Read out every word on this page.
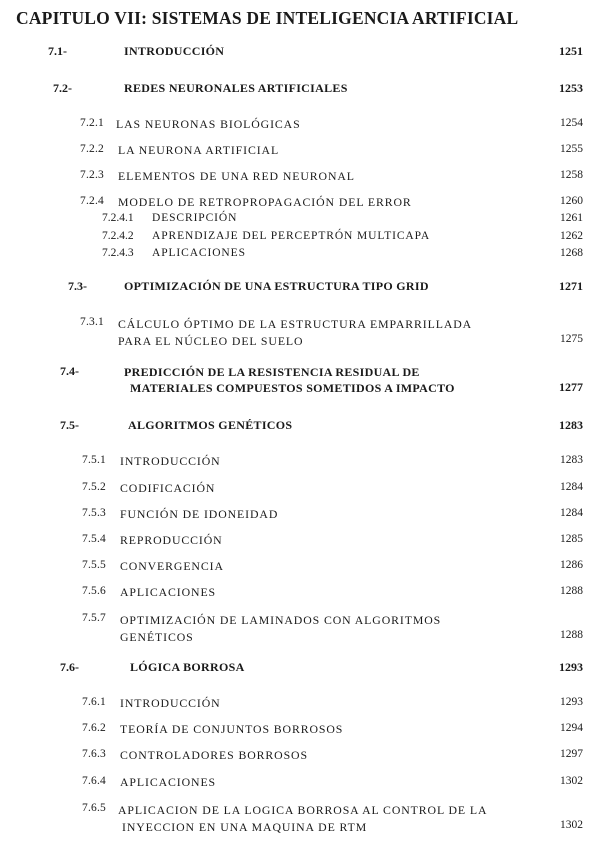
CAPITULO VII: SISTEMAS DE INTELIGENCIA ARTIFICIAL
7.1-	INTRODUCCIÓN	1251
7.2-	REDES NEURONALES ARTIFICIALES	1253
7.2.1 LAS NEURONAS BIOLÓGICAS	1254
7.2.2 LA NEURONA ARTIFICIAL	1255
7.2.3 ELEMENTOS DE UNA RED NEURONAL	1258
7.2.4 MODELO DE RETROPROPAGACIÓN DEL ERROR	1260
7.2.4.1 DESCRIPCIÓN	1261
7.2.4.2 APRENDIZAJE DEL PERCEPTRÓN MULTICAPA	1262
7.2.4.3 APLICACIONES	1268
7.3-	OPTIMIZACIÓN DE UNA ESTRUCTURA TIPO GRID	1271
7.3.1 CÁLCULO ÓPTIMO DE LA ESTRUCTURA EMPARRILLADA
PARA EL NÚCLEO DEL SUELO	1275
7.4-	PREDICCIÓN DE LA RESISTENCIA RESIDUAL DE
MATERIALES COMPUESTOS SOMETIDOS A IMPACTO	1277
7.5-	ALGORITMOS GENÉTICOS	1283
7.5.1 INTRODUCCIÓN	1283
7.5.2 CODIFICACIÓN	1284
7.5.3 FUNCIÓN DE IDONEIDAD	1284
7.5.4 REPRODUCCIÓN	1285
7.5.5 CONVERGENCIA	1286
7.5.6 APLICACIONES	1288
7.5.7 OPTIMIZACIÓN DE LAMINADOS CON ALGORITMOS
GENÉTICOS	1288
7.6-	LÓGICA BORROSA	1293
7.6.1 INTRODUCCIÓN	1293
7.6.2 TEORÍA DE CONJUNTOS BORROSOS	1294
7.6.3 CONTROLADORES BORROSOS	1297
7.6.4 APLICACIONES	1302
7.6.5 APLICACION DE LA LOGICA BORROSA AL CONTROL DE LA
INYECCION EN UNA MAQUINA DE RTM	1302
